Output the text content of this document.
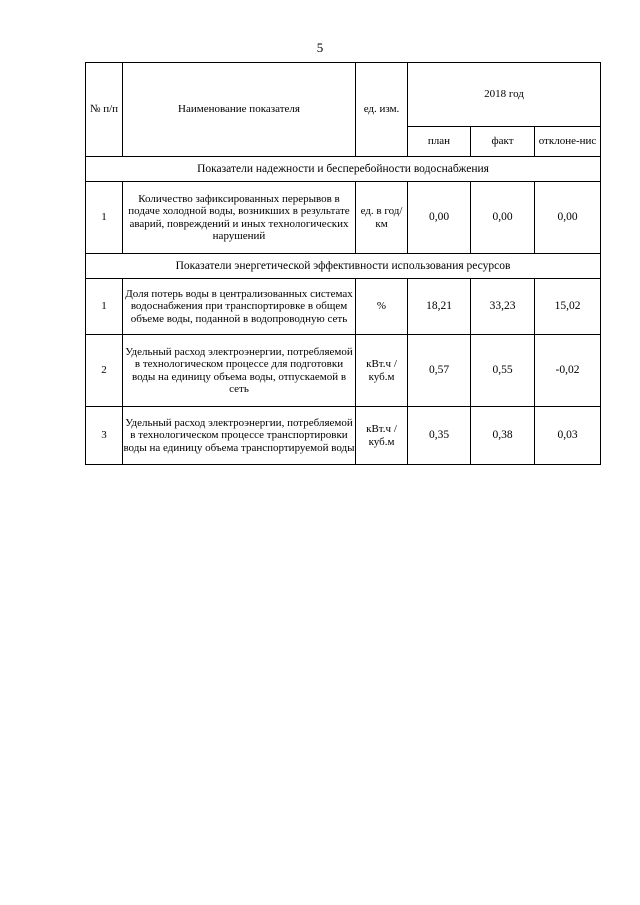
5
№ п/п	Наименование показателя	ед. изм.	2018 год		
			план	факт	отклоне-нис
Показатели надежности и бесперебойности водоснабжения					
1	Количество зафиксированных перерывов в подаче холодной воды, возникших в результате аварий, повреждений и иных технологических нарушений	ед. в год/ км	0,00	0,00	0,00
Показатели энергетической эффективности использования ресурсов					
1	Доля потерь воды в централизованных системах водоснабжения при транспортировке в общем объеме воды, поданной в водопроводную сеть	%	18,21	33,23	15,02
2	Удельный расход электроэнергии, потребляемой в технологическом процессе для подготовки воды на единицу объема воды, отпускаемой в сеть	кВт.ч / куб.м	0,57	0,55	-0,02
3	Удельный расход электроэнергии, потребляемой в технологическом процессе транспортировки воды на единицу объема транспортируемой воды	кВт.ч / куб.м	0,35	0,38	0,03
